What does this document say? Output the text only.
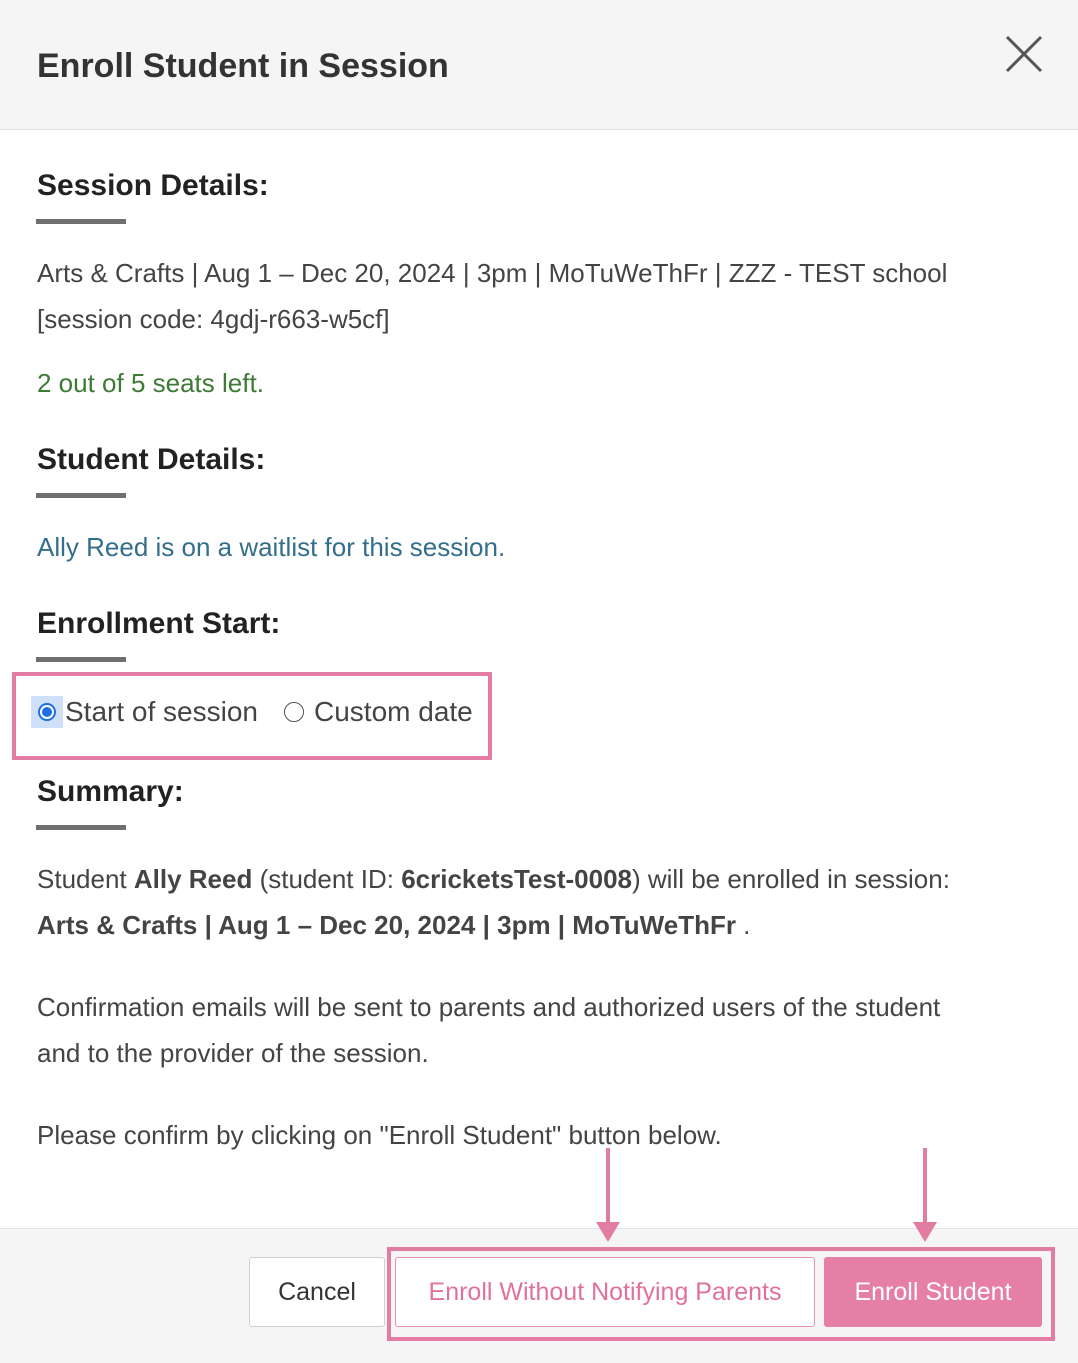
Enroll Student in Session
Session Details:

Arts & Crafts | Aug 1 – Dec 20, 2024 | 3pm | MoTuWeThFr | ZZZ - TEST school

[session code: 4gdj-r663-w5cf]

2 out of 5 seats left.

Student Details:

Ally Reed is on a waitlist for this session.

Enrollment Start:
Start of session Custom date
Summary:

Student Ally Reed (student ID: 6cricketsTest-0008) will be enrolled in session:

Arts & Crafts | Aug 1 – Dec 20, 2024 | 3pm | MoTuWeThFr .

Confirmation emails will be sent to parents and authorized users of the student

and to the provider of the session.

Please confirm by clicking on "Enroll Student" button below.

Cancel	Enroll Without Notifying Parents	Enroll Student
